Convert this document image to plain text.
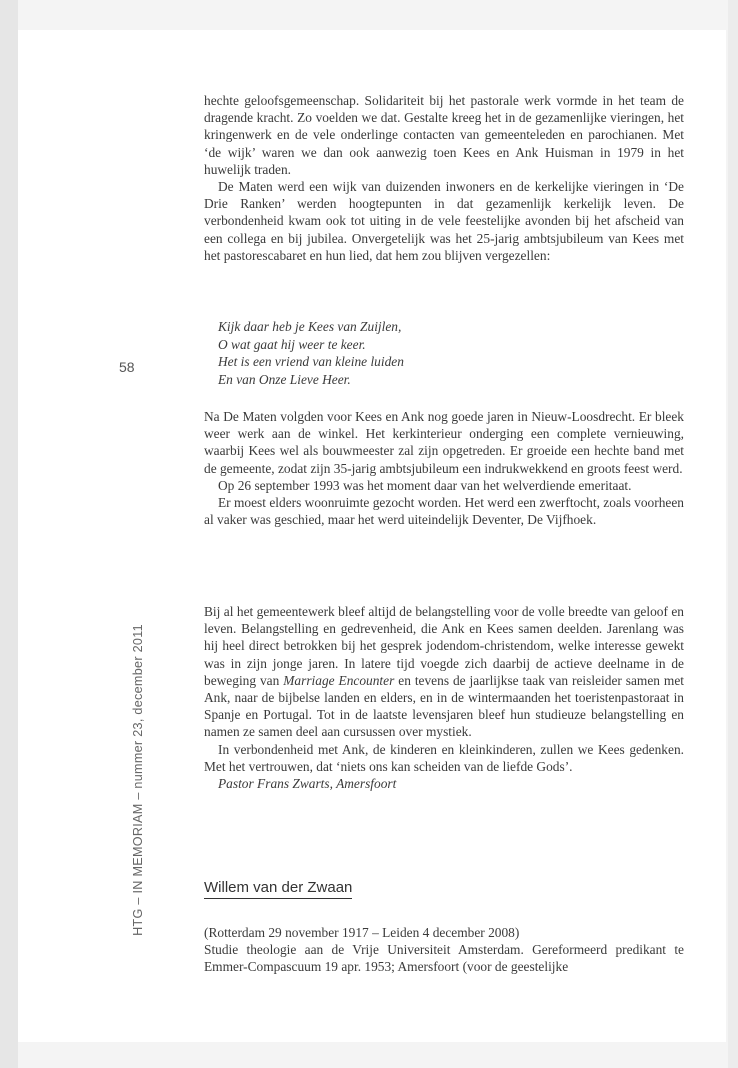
58
HTG – IN MEMORIAM – nummer 23, december 2011

hechte geloofsgemeenschap. Solidariteit bij het pastorale werk vormde in het team de dragende kracht. Zo voelden we dat. Gestalte kreeg het in de gezamenlijke vieringen, het kringenwerk en de vele onderlinge contacten van gemeenteleden en parochianen. Met ‘de wijk’ waren we dan ook aanwezig toen Kees en Ank Huisman in 1979 in het huwelijk traden.

De Maten werd een wijk van duizenden inwoners en de kerkelijke vieringen in ‘De Drie Ranken’ werden hoogtepunten in dat gezamenlijk kerkelijk leven. De verbondenheid kwam ook tot uiting in de vele feestelijke avonden bij het afscheid van een collega en bij jubilea. Onvergetelijk was het 25-jarig ambtsjubileum van Kees met het pastorescabaret en hun lied, dat hem zou blijven vergezellen:

Kijk daar heb je Kees van Zuijlen,
O wat gaat hij weer te keer.
Het is een vriend van kleine luiden
En van Onze Lieve Heer.

Na De Maten volgden voor Kees en Ank nog goede jaren in Nieuw-Loosdrecht. Er bleek weer werk aan de winkel. Het kerkinterieur onderging een complete vernieuwing, waarbij Kees wel als bouwmeester zal zijn opgetreden. Er groeide een hechte band met de gemeente, zodat zijn 35-jarig ambtsjubileum een indrukwekkend en groots feest werd.

Op 26 september 1993 was het moment daar van het welverdiende emeritaat.

Er moest elders woonruimte gezocht worden. Het werd een zwerftocht, zoals voorheen al vaker was geschied, maar het werd uiteindelijk Deventer, De Vijfhoek.

Bij al het gemeentewerk bleef altijd de belangstelling voor de volle breedte van geloof en leven. Belangstelling en gedrevenheid, die Ank en Kees samen deelden. Jarenlang was hij heel direct betrokken bij het gesprek jodendom-christendom, welke interesse gewekt was in zijn jonge jaren. In latere tijd voegde zich daarbij de actieve deelname in de beweging van Marriage Encounter en tevens de jaarlijkse taak van reisleider samen met Ank, naar de bijbelse landen en elders, en in de wintermaanden het toeristenpastoraat in Spanje en Portugal. Tot in de laatste levensjaren bleef hun studieuze belangstelling en namen ze samen deel aan cursussen over mystiek.

In verbondenheid met Ank, de kinderen en kleinkinderen, zullen we Kees gedenken. Met het vertrouwen, dat ‘niets ons kan scheiden van de liefde Gods’.

Pastor Frans Zwarts, Amersfoort

Willem van der Zwaan

(Rotterdam 29 november 1917 – Leiden 4 december 2008)

Studie theologie aan de Vrije Universiteit Amsterdam. Gereformeerd predikant te Emmer-Compascuum 19 apr. 1953; Amersfoort (voor de geestelijke
